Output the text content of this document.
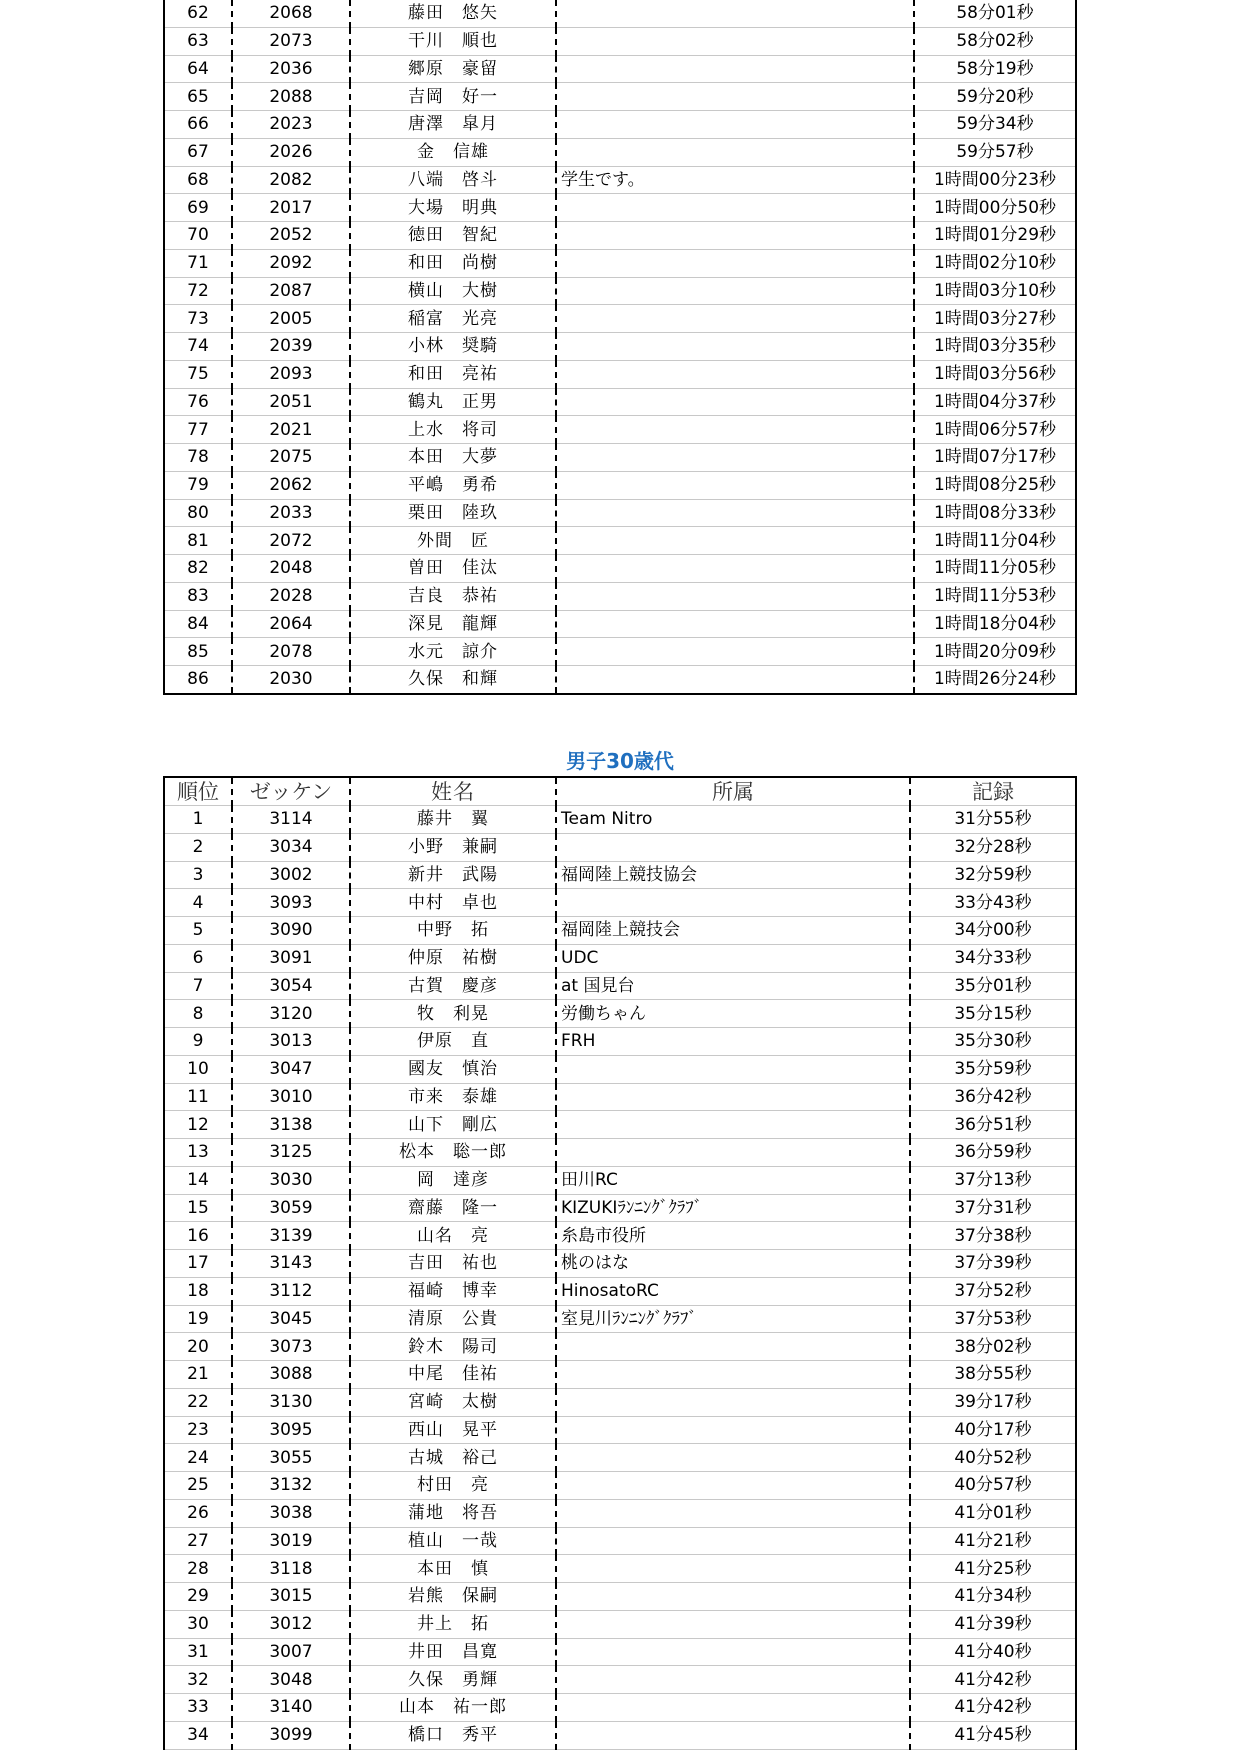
62	2068	藤田　悠矢		58分01秒
63	2073	干川　順也		58分02秒
64	2036	郷原　豪留		58分19秒
65	2088	吉岡　好一		59分20秒
66	2023	唐澤　皐月		59分34秒
67	2026	金　信雄		59分57秒
68	2082	八端　啓斗	学生です。	1時間00分23秒
69	2017	大場　明典		1時間00分50秒
70	2052	徳田　智紀		1時間01分29秒
71	2092	和田　尚樹		1時間02分10秒
72	2087	横山　大樹		1時間03分10秒
73	2005	稲富　光亮		1時間03分27秒
74	2039	小林　奨騎		1時間03分35秒
75	2093	和田　亮祐		1時間03分56秒
76	2051	鶴丸　正男		1時間04分37秒
77	2021	上水　将司		1時間06分57秒
78	2075	本田　大夢		1時間07分17秒
79	2062	平嶋　勇希		1時間08分25秒
80	2033	栗田　陸玖		1時間08分33秒
81	2072	外間　匠		1時間11分04秒
82	2048	曽田　佳汰		1時間11分05秒
83	2028	吉良　恭祐		1時間11分53秒
84	2064	深見　龍輝		1時間18分04秒
85	2078	水元　諒介		1時間20分09秒
86	2030	久保　和輝		1時間26分24秒
男子30歳代
順位	ゼッケン	姓名	所属	記録
1	3114	藤井　翼	Team Nitro	31分55秒
2	3034	小野　兼嗣		32分28秒
3	3002	新井　武陽	福岡陸上競技協会	32分59秒
4	3093	中村　卓也		33分43秒
5	3090	中野　拓	福岡陸上競技会	34分00秒
6	3091	仲原　祐樹	UDC	34分33秒
7	3054	古賀　慶彦	at 国見台	35分01秒
8	3120	牧　利晃	労働ちゃん	35分15秒
9	3013	伊原　直	FRH	35分30秒
10	3047	國友　慎治		35分59秒
11	3010	市来　泰雄		36分42秒
12	3138	山下　剛広		36分51秒
13	3125	松本　聡一郎		36分59秒
14	3030	岡　達彦	田川RC	37分13秒
15	3059	齋藤　隆一	KIZUKIﾗﾝﾆﾝｸﾞｸﾗﾌﾞ	37分31秒
16	3139	山名　亮	糸島市役所	37分38秒
17	3143	吉田　祐也	桃のはな	37分39秒
18	3112	福崎　博幸	HinosatoRC	37分52秒
19	3045	清原　公貴	室見川ﾗﾝﾆﾝｸﾞｸﾗﾌﾞ	37分53秒
20	3073	鈴木　陽司		38分02秒
21	3088	中尾　佳祐		38分55秒
22	3130	宮崎　太樹		39分17秒
23	3095	西山　晃平		40分17秒
24	3055	古城　裕己		40分52秒
25	3132	村田　亮		40分57秒
26	3038	蒲地　将吾		41分01秒
27	3019	植山　一哉		41分21秒
28	3118	本田　慎		41分25秒
29	3015	岩熊　保嗣		41分34秒
30	3012	井上　拓		41分39秒
31	3007	井田　昌寛		41分40秒
32	3048	久保　勇輝		41分42秒
33	3140	山本　祐一郎		41分42秒
34	3099	橋口　秀平		41分45秒
